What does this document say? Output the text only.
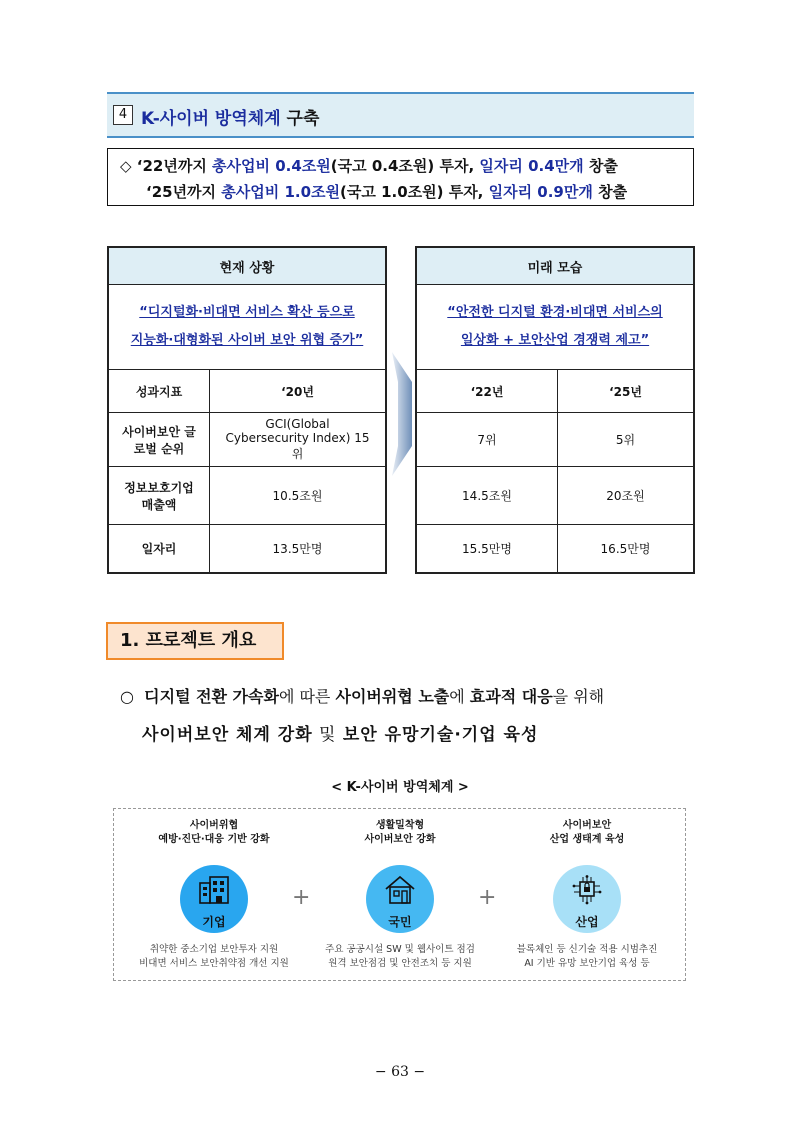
4 K-사이버 방역체계 구축
◇ ‘22년까지 총사업비 0.4조원(국고 0.4조원) 투자, 일자리 0.4만개 창출
‘25년까지 총사업비 1.0조원(국고 1.0조원) 투자, 일자리 0.9만개 창출
현재 상황	

“디지털화·비대면 서비스 확산 등으로
지능화·대형화된 사이버 보안 위협 증가”	

성과지표	‘20년
사이버보안 글로벌 순위	GCI(Global Cybersecurity Index) 15위
정보보호기업 매출액	10.5조원
일자리	13.5만명
미래 모습	

“안전한 디지털 환경·비대면 서비스의
일상화 + 보안산업 경쟁력 제고”	

‘22년	‘25년
7위	5위
14.5조원	20조원
15.5만명	16.5만명
1. 프로젝트 개요
○ 디지털 전환 가속화에 따른 사이버위협 노출에 효과적 대응을 위해
사이버보안 체계 강화 및 보안 유망기술·기업 육성
< K-사이버 방역체계 >
사이버위협
예방·진단·대응 기반 강화
기업
취약한 중소기업 보안투자 지원
비대면 서비스 보안취약점 개선 지원
+
생활밀착형
사이버보안 강화
국민
주요 공공시설 SW 및 웹사이트 점검
원격 보안점검 및 안전조치 등 지원
+
사이버보안
산업 생태계 육성
산업
블록체인 등 신기술 적용 시범추진
AI 기반 유망 보안기업 육성 등
− 63 −
